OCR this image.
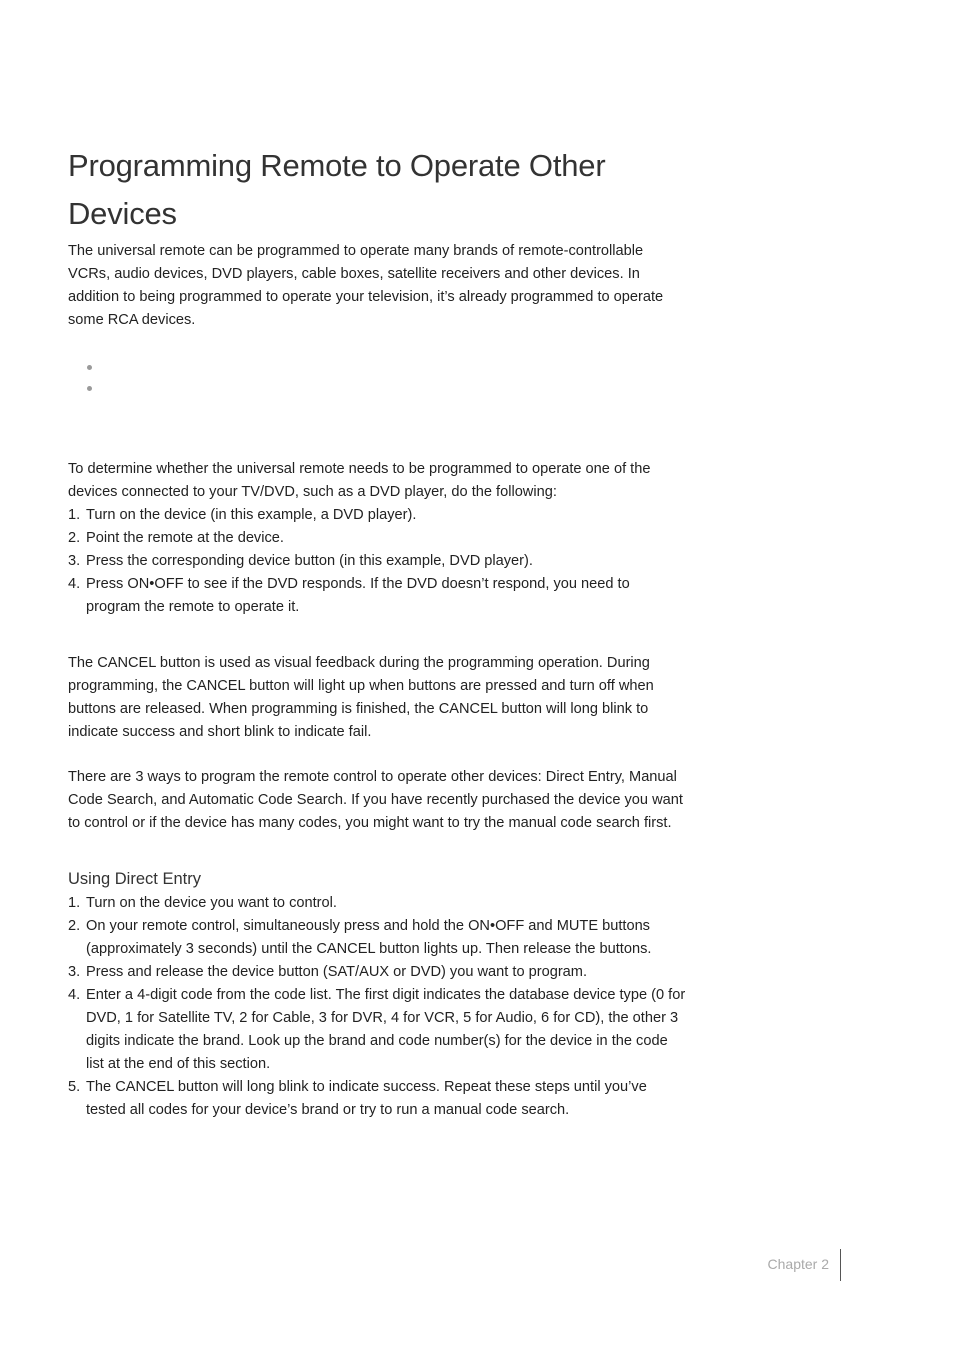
Programming Remote to Operate Other Devices

The universal remote can be programmed to operate many brands of remote-controllable VCRs, audio devices, DVD players, cable boxes, satellite receivers and other devices. In addition to being programmed to operate your television, it’s already programmed to operate some RCA devices.

To determine whether the universal remote needs to be programmed to operate one of the devices connected to your TV/DVD, such as a DVD player, do the following:

1. Turn on the device (in this example, a DVD player).
2. Point the remote at the device.
3. Press the corresponding device button (in this example, DVD player).
4. Press ON•OFF to see if the DVD responds. If the DVD doesn’t respond, you need to program the remote to operate it.

The CANCEL button is used as visual feedback during the programming operation. During programming, the CANCEL button will light up when buttons are pressed and turn off when buttons are released. When programming is finished, the CANCEL button will long blink to indicate success and short blink to indicate fail.

There are 3 ways to program the remote control to operate other devices: Direct Entry, Manual Code Search, and Automatic Code Search. If you have recently purchased the device you want to control or if the device has many codes, you might want to try the manual code search first.

Using Direct Entry
1. Turn on the device you want to control.
2. On your remote control, simultaneously press and hold the ON•OFF and MUTE buttons (approximately 3 seconds) until the CANCEL button lights up. Then release the buttons.
3. Press and release the device button (SAT/AUX or DVD) you want to program.
4. Enter a 4-digit code from the code list. The first digit indicates the database device type (0 for DVD, 1 for Satellite TV, 2 for Cable, 3 for DVR, 4 for VCR, 5 for Audio, 6 for CD), the other 3 digits indicate the brand. Look up the brand and code number(s) for the device in the code list at the end of this section.
5. The CANCEL button will long blink to indicate success. Repeat these steps until you’ve tested all codes for your device’s brand or try to run a manual code search.
Chapter 2
